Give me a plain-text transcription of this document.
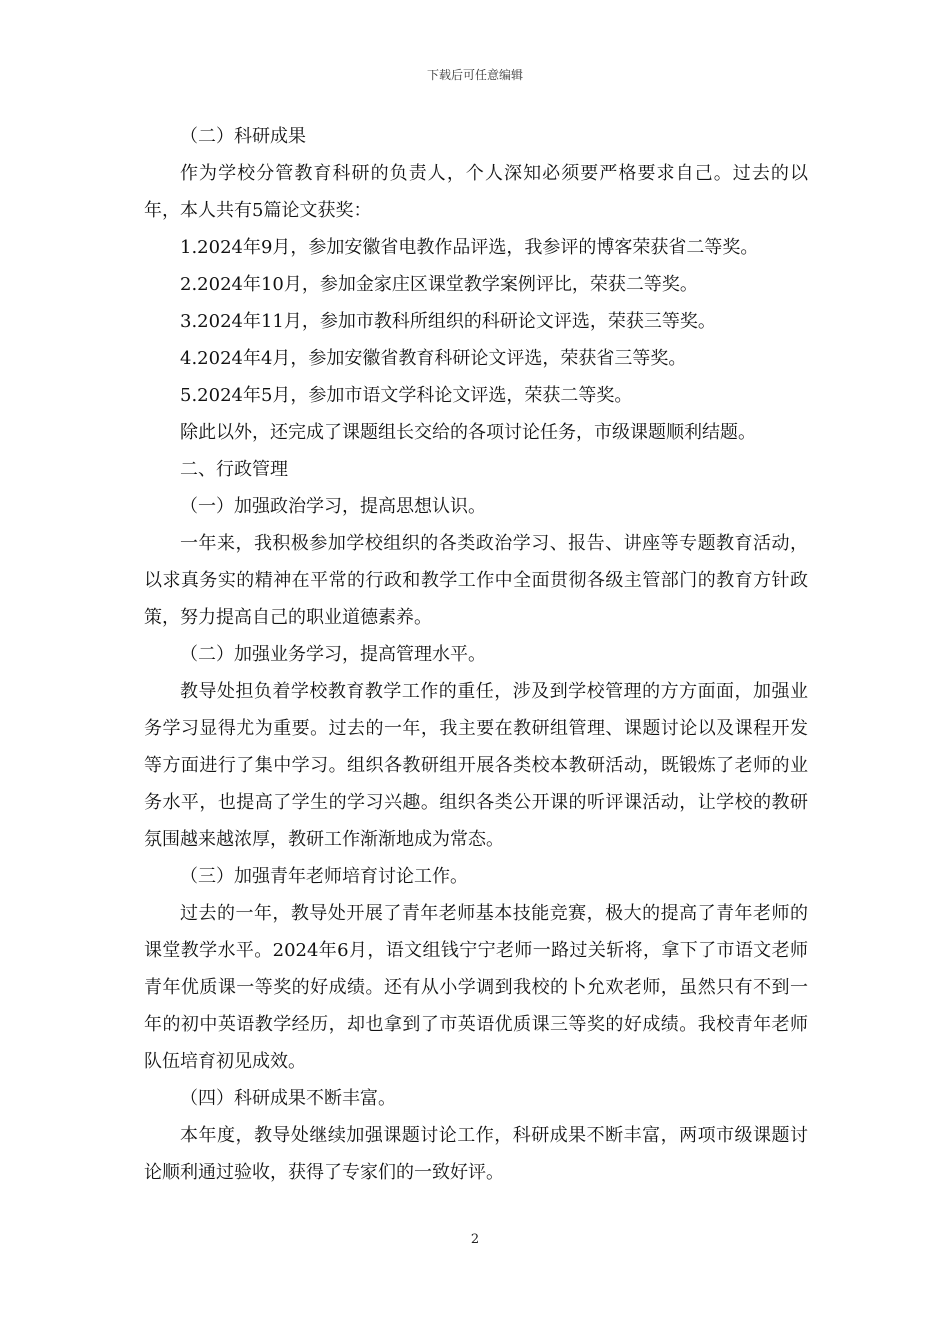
下载后可任意编辑

（二）科研成果

作为学校分管教育科研的负责人，个人深知必须要严格要求自己。过去的以年，本人共有5篇论文获奖：

1.2024年9月，参加安徽省电教作品评选，我参评的博客荣获省二等奖。

2.2024年10月，参加金家庄区课堂教学案例评比，荣获二等奖。

3.2024年11月，参加市教科所组织的科研论文评选，荣获三等奖。

4.2024年4月，参加安徽省教育科研论文评选，荣获省三等奖。

5.2024年5月，参加市语文学科论文评选，荣获二等奖。

除此以外，还完成了课题组长交给的各项讨论任务，市级课题顺利结题。

二、行政管理

（一）加强政治学习，提高思想认识。

一年来，我积极参加学校组织的各类政治学习、报告、讲座等专题教育活动，以求真务实的精神在平常的行政和教学工作中全面贯彻各级主管部门的教育方针政策，努力提高自己的职业道德素养。

（二）加强业务学习，提高管理水平。

教导处担负着学校教育教学工作的重任，涉及到学校管理的方方面面，加强业务学习显得尤为重要。过去的一年，我主要在教研组管理、课题讨论以及课程开发等方面进行了集中学习。组织各教研组开展各类校本教研活动，既锻炼了老师的业务水平，也提高了学生的学习兴趣。组织各类公开课的听评课活动，让学校的教研氛围越来越浓厚，教研工作渐渐地成为常态。

（三）加强青年老师培育讨论工作。

过去的一年，教导处开展了青年老师基本技能竞赛，极大的提高了青年老师的课堂教学水平。2024年6月，语文组钱宁宁老师一路过关斩将，拿下了市语文老师青年优质课一等奖的好成绩。还有从小学调到我校的卜允欢老师，虽然只有不到一年的初中英语教学经历，却也拿到了市英语优质课三等奖的好成绩。我校青年老师队伍培育初见成效。

（四）科研成果不断丰富。

本年度，教导处继续加强课题讨论工作，科研成果不断丰富，两项市级课题讨论顺利通过验收，获得了专家们的一致好评。

2
